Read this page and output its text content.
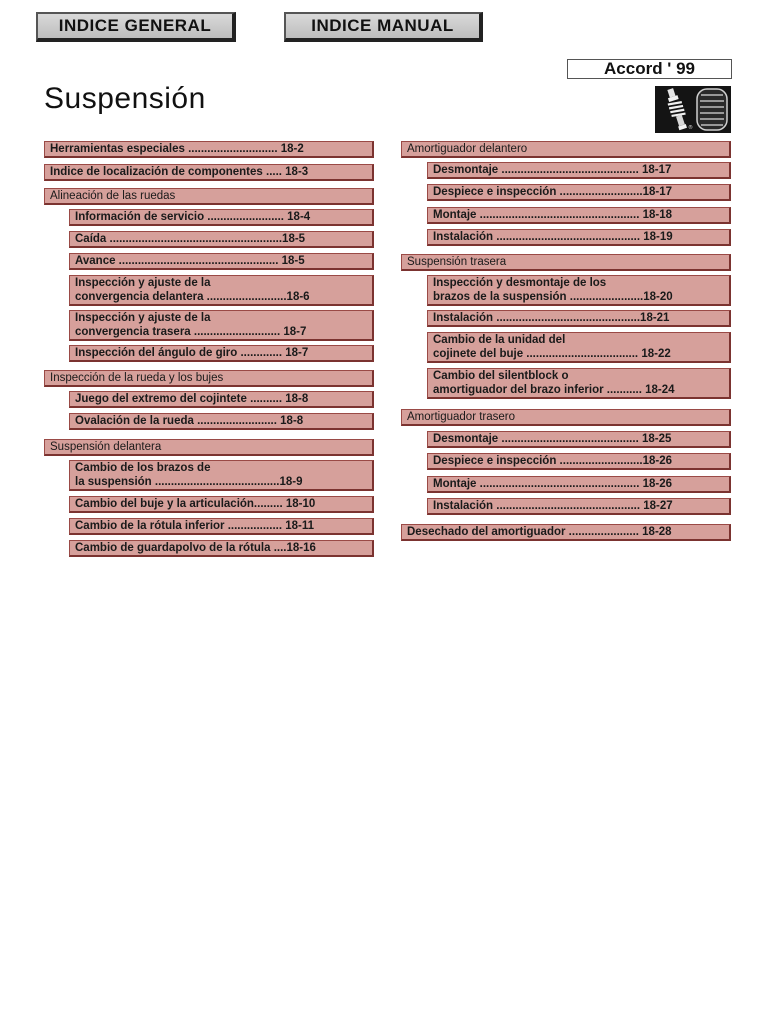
INDICE GENERAL	INDICE MANUAL
Accord ' 99
Suspensión
®
Herramientas especiales ............................ 18-2
Indice de localización de componentes ..... 18-3
Alineación de las ruedas
Información de servicio ........................ 18-4
Caída ......................................................18-5
Avance .................................................. 18-5
Inspección y ajuste de la
convergencia delantera .........................18-6
Inspección y ajuste de la
convergencia trasera ........................... 18-7
Inspección del ángulo de giro ............. 18-7
Inspección de la rueda y los bujes
Juego del extremo del cojintete .......... 18-8
Ovalación de la rueda ......................... 18-8
Suspensión delantera
Cambio de los brazos de
la suspensión .......................................18-9
Cambio del buje y la articulación......... 18-10
Cambio de la rótula inferior ................. 18-11
Cambio de guardapolvo de la rótula ....18-16
Amortiguador delantero
Desmontaje ........................................... 18-17
Despiece e inspección ..........................18-17
Montaje .................................................. 18-18
Instalación ............................................. 18-19
Suspensión trasera
Inspección y desmontaje de los
brazos de la suspensión .......................18-20
Instalación .............................................18-21
Cambio de la unidad del
cojinete del buje ................................... 18-22
Cambio del silentblock o
amortiguador del brazo inferior ........... 18-24
Amortiguador trasero
Desmontaje ........................................... 18-25
Despiece e inspección ..........................18-26
Montaje .................................................. 18-26
Instalación ............................................. 18-27
Desechado del amortiguador ...................... 18-28
